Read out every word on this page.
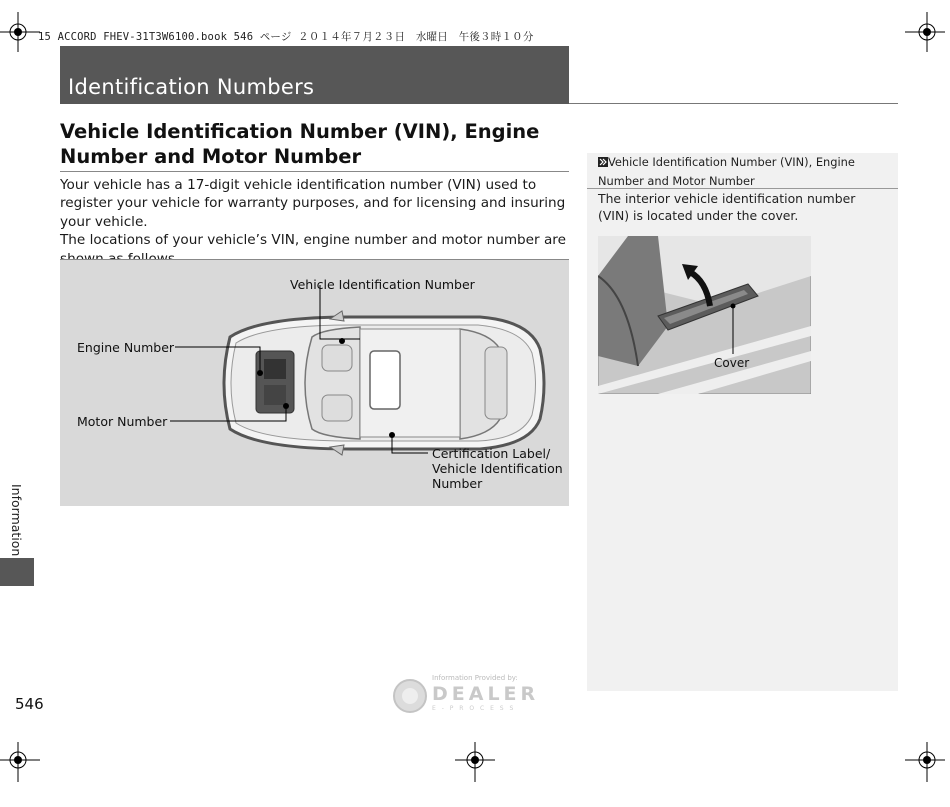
15 ACCORD FHEV-31T3W6100.book 546 ページ ２０１４年７月２３日　水曜日　午後３時１０分
Identification Numbers
Vehicle Identification Number (VIN), Engine Number and Motor Number
Your vehicle has a 17-digit vehicle identification number (VIN) used to register your vehicle for warranty purposes, and for licensing and insuring your vehicle.
The locations of your vehicle’s VIN, engine number and motor number are
Vehicle Identification Number
Engine Number
Motor Number
Certification Label/
Vehicle Identification
Number
Vehicle Identification Number (VIN), Engine Number and Motor Number
The interior vehicle identification number (VIN) is located under the cover.
Cover
Information
546
Information Provided by:
DEALER
E - P R O C E S S
